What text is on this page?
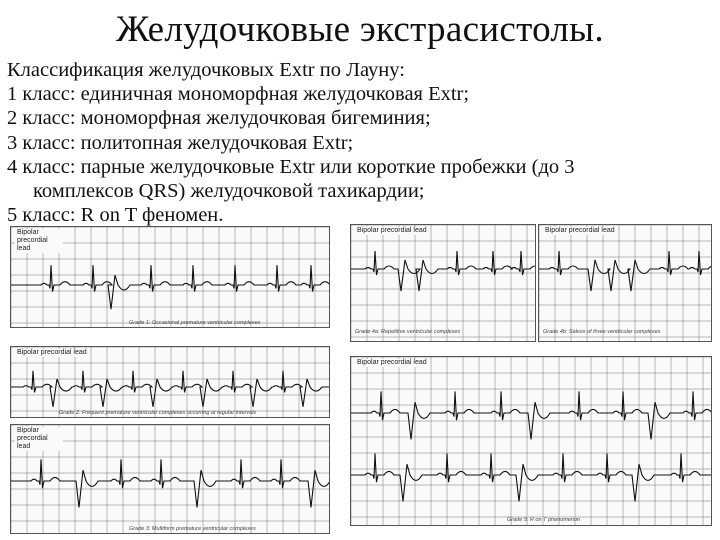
Желудочковые экстрасистолы.
Классификация желудочковых Extr по Лауну:
1 класс: единичная мономорфная желудочковая Extr;
2 класс: мономорфная желудочковая бигеминия;
3 класс: политопная желудочковая Extr;
4 класс: парные желудочковые Extr или короткие пробежки (до 3
комплексов QRS) желудочковой тахикардии;
5 класс: R on T феномен.
Bipolar precordial lead
Grade 1: Occasional premature ventricular complexes
Bipolar precordial lead
Grade 2: Frequent premature ventricular complexes occurring at regular intervals
Bipolar precordial lead
Grade 3: Multiform premature ventricular complexes
Bipolar precordial lead
Grade 4a: Repetitive ventricular complexes
Bipolar precordial lead
Grade 4b: Salvos of three ventricular complexes
Bipolar precordial lead
Grade 5: R on T phenomenon
